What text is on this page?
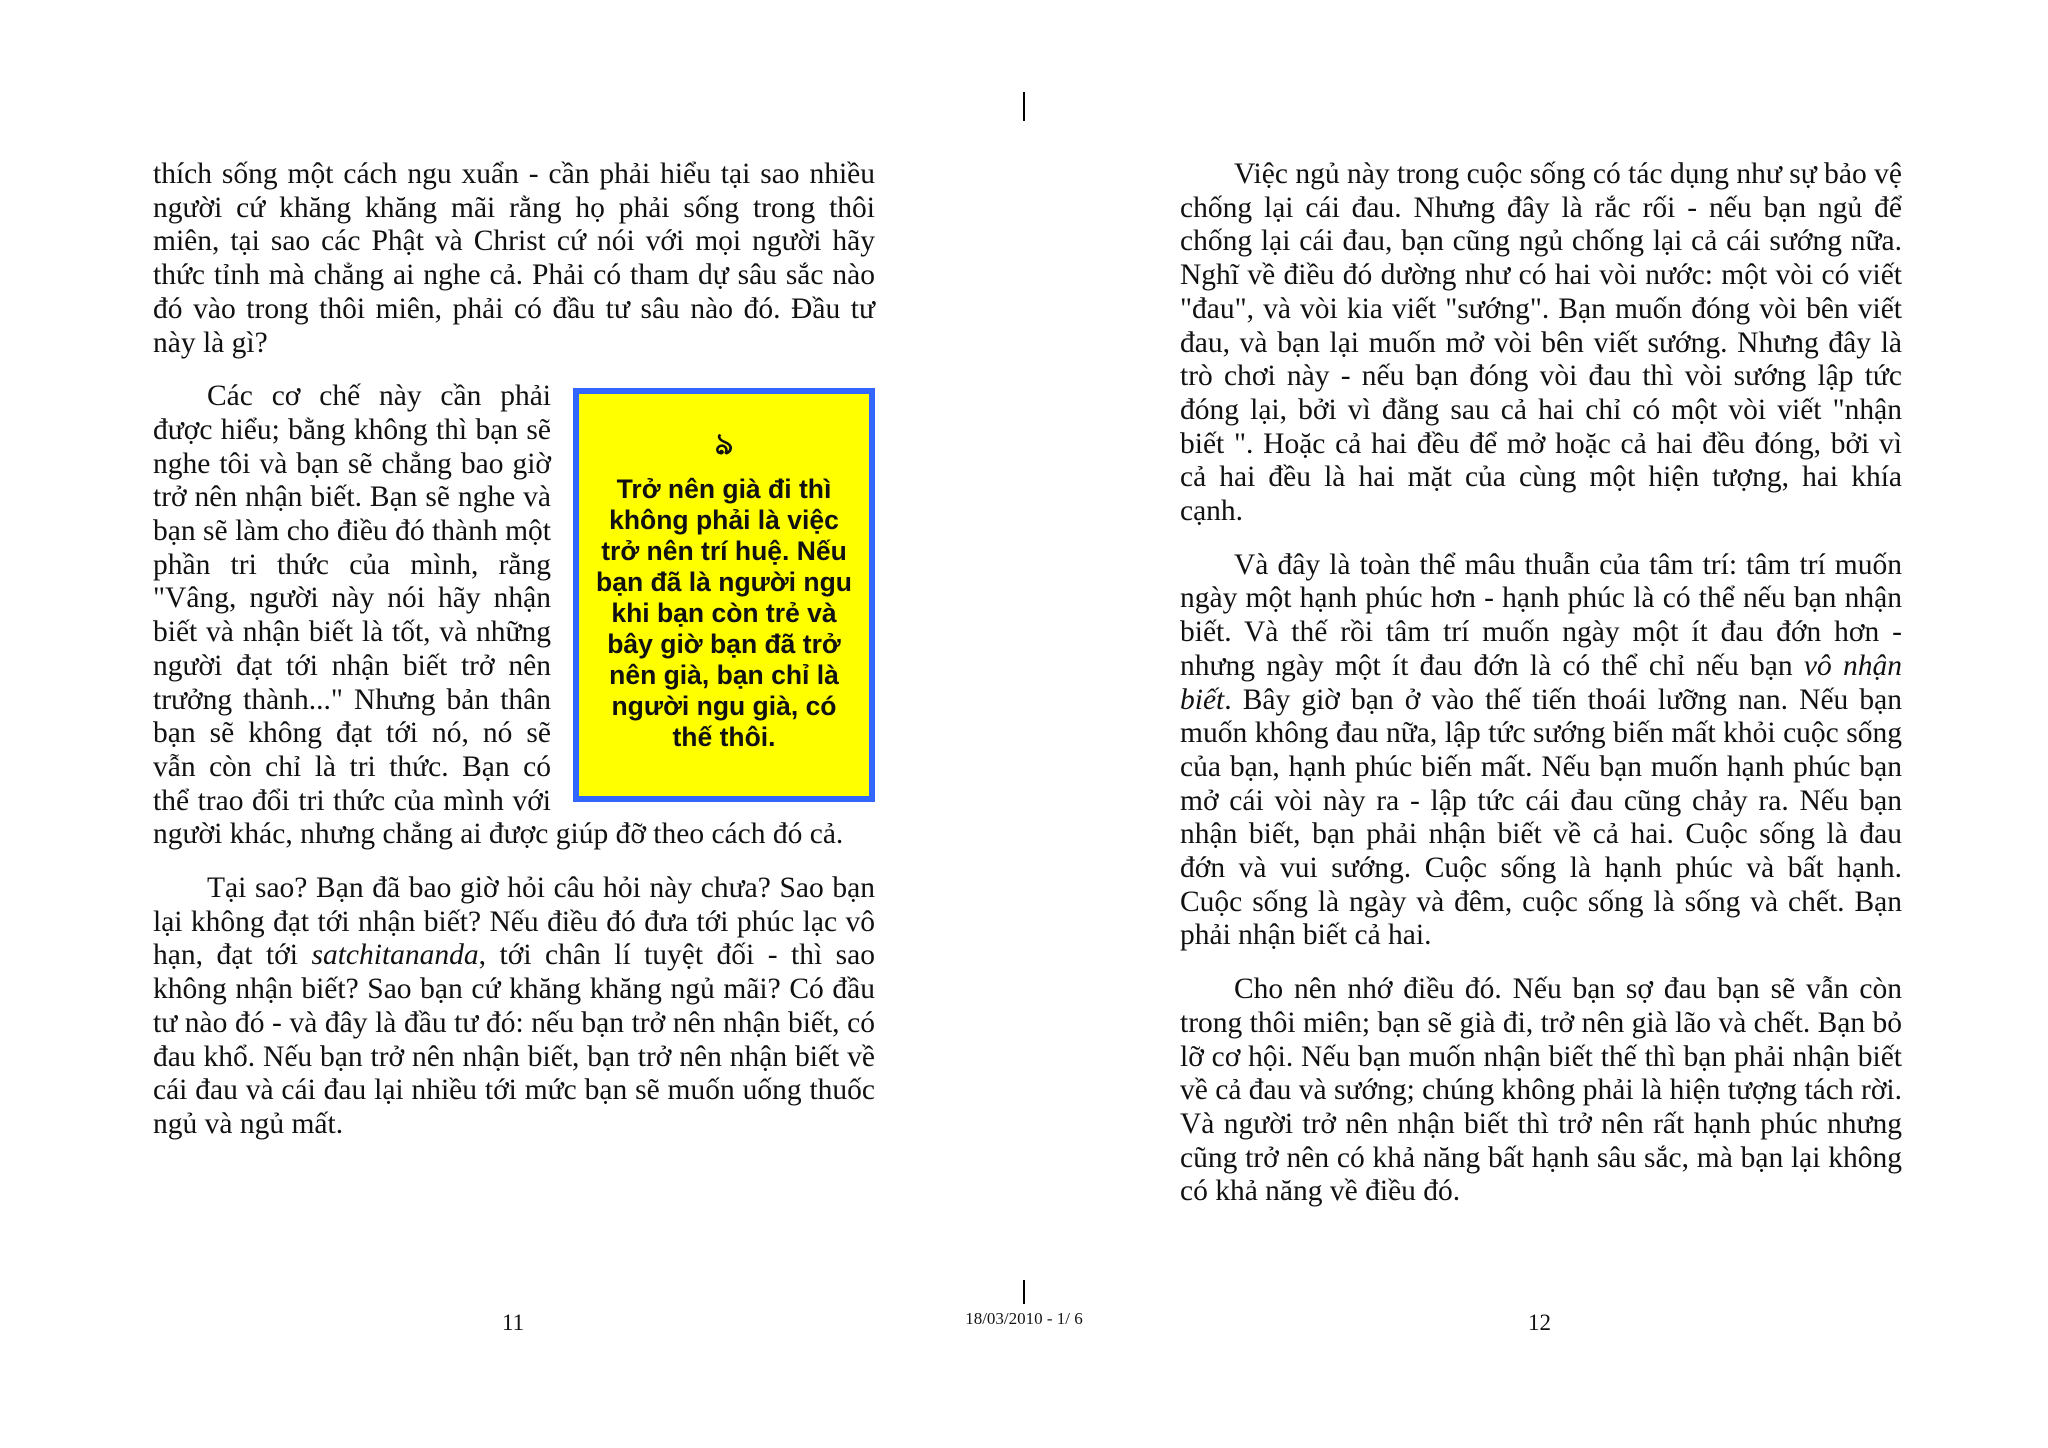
thích sống một cách ngu xuẩn - cần phải hiểu tại sao nhiều người cứ khăng khăng mãi rằng họ phải sống trong thôi miên, tại sao các Phật và Christ cứ nói với mọi người hãy thức tỉnh mà chẳng ai nghe cả. Phải có tham dự sâu sắc nào đó vào trong thôi miên, phải có đầu tư sâu nào đó. Đầu tư này là gì?

ঌ
Trở nên già đi thì không phải là việc trở nên trí huệ. Nếu bạn đã là người ngu khi bạn còn trẻ và bây giờ bạn đã trở nên già, bạn chỉ là người ngu già, có thế thôi.

Các cơ chế này cần phải được hiểu; bằng không thì bạn sẽ nghe tôi và bạn sẽ chẳng bao giờ trở nên nhận biết. Bạn sẽ nghe và bạn sẽ làm cho điều đó thành một phần tri thức của mình, rằng "Vâng, người này nói hãy nhận biết và nhận biết là tốt, và những người đạt tới nhận biết trở nên trưởng thành..." Nhưng bản thân bạn sẽ không đạt tới nó, nó sẽ vẫn còn chỉ là tri thức. Bạn có thể trao đổi tri thức của mình với người khác, nhưng chẳng ai được giúp đỡ theo cách đó cả.

Tại sao? Bạn đã bao giờ hỏi câu hỏi này chưa? Sao bạn lại không đạt tới nhận biết? Nếu điều đó đưa tới phúc lạc vô hạn, đạt tới satchitananda, tới chân lí tuyệt đối - thì sao không nhận biết? Sao bạn cứ khăng khăng ngủ mãi? Có đầu tư nào đó - và đây là đầu tư đó: nếu bạn trở nên nhận biết, có đau khổ. Nếu bạn trở nên nhận biết, bạn trở nên nhận biết về cái đau và cái đau lại nhiều tới mức bạn sẽ muốn uống thuốc ngủ và ngủ mất.

Việc ngủ này trong cuộc sống có tác dụng như sự bảo vệ chống lại cái đau. Nhưng đây là rắc rối - nếu bạn ngủ để chống lại cái đau, bạn cũng ngủ chống lại cả cái sướng nữa. Nghĩ về điều đó dường như có hai vòi nước: một vòi có viết "đau", và vòi kia viết "sướng". Bạn muốn đóng vòi bên viết đau, và bạn lại muốn mở vòi bên viết sướng. Nhưng đây là trò chơi này - nếu bạn đóng vòi đau thì vòi sướng lập tức đóng lại, bởi vì đằng sau cả hai chỉ có một vòi viết "nhận biết ". Hoặc cả hai đều để mở hoặc cả hai đều đóng, bởi vì cả hai đều là hai mặt của cùng một hiện tượng, hai khía cạnh.

Và đây là toàn thể mâu thuẫn của tâm trí: tâm trí muốn ngày một hạnh phúc hơn - hạnh phúc là có thể nếu bạn nhận biết. Và thế rồi tâm trí muốn ngày một ít đau đớn hơn - nhưng ngày một ít đau đớn là có thể chỉ nếu bạn vô nhận biết. Bây giờ bạn ở vào thế tiến thoái lưỡng nan. Nếu bạn muốn không đau nữa, lập tức sướng biến mất khỏi cuộc sống của bạn, hạnh phúc biến mất. Nếu bạn muốn hạnh phúc bạn mở cái vòi này ra - lập tức cái đau cũng chảy ra. Nếu bạn nhận biết, bạn phải nhận biết về cả hai. Cuộc sống là đau đớn và vui sướng. Cuộc sống là hạnh phúc và bất hạnh. Cuộc sống là ngày và đêm, cuộc sống là sống và chết. Bạn phải nhận biết cả hai.

Cho nên nhớ điều đó. Nếu bạn sợ đau bạn sẽ vẫn còn trong thôi miên; bạn sẽ già đi, trở nên già lão và chết. Bạn bỏ lỡ cơ hội. Nếu bạn muốn nhận biết thế thì bạn phải nhận biết về cả đau và sướng; chúng không phải là hiện tượng tách rời. Và người trở nên nhận biết thì trở nên rất hạnh phúc nhưng cũng trở nên có khả năng bất hạnh sâu sắc, mà bạn lại không có khả năng về điều đó.

11	18/03/2010 - 1/ 6	12
